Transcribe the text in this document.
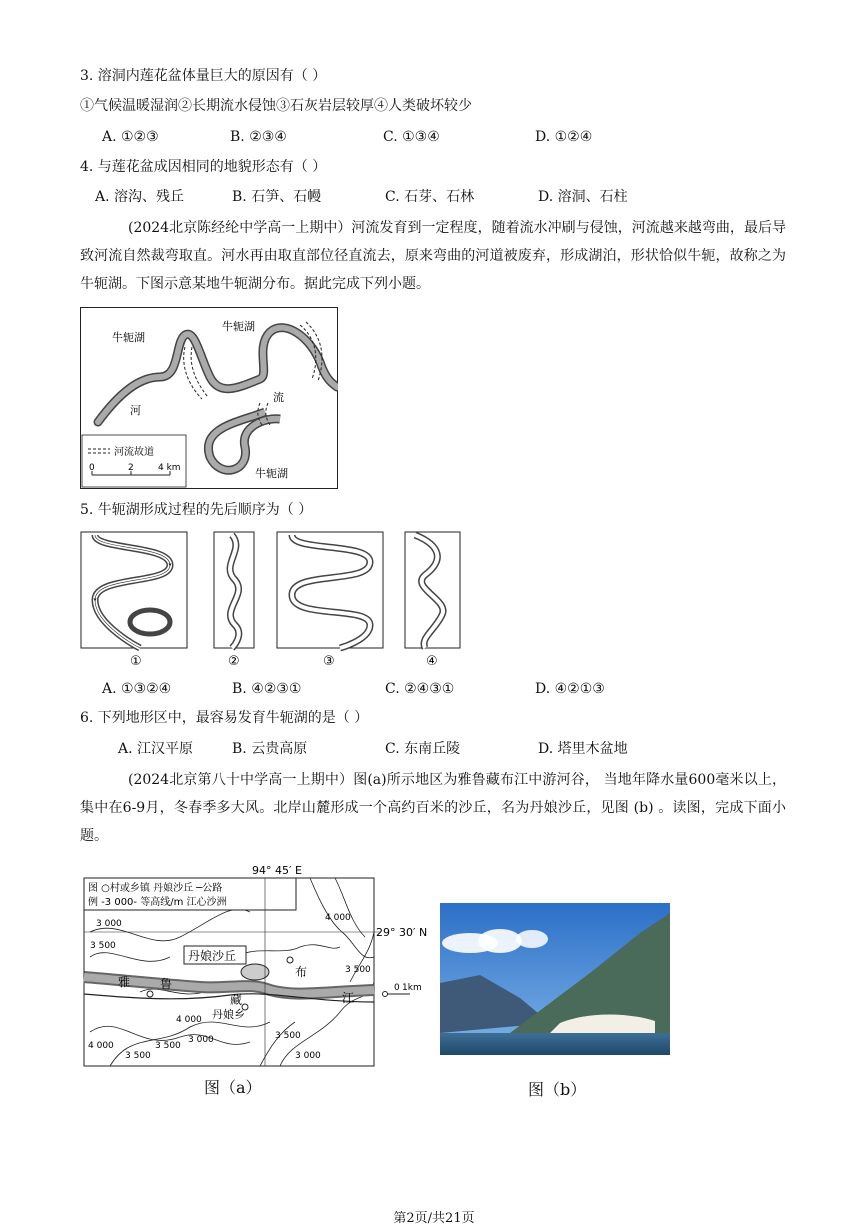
3. 溶洞内莲花盆体量巨大的原因有（ ）
①气候温暖湿润②长期流水侵蚀③石灰岩层较厚④人类破坏较少
A. ①②③	B. ②③④	C. ①③④	D. ①②④
4. 与莲花盆成因相同的地貌形态有（ ）
A. 溶沟、残丘	B. 石笋、石幔	C. 石芽、石林	D. 溶洞、石柱
(2024北京陈经纶中学高一上期中）河流发育到一定程度，随着流水冲刷与侵蚀，河流越来越弯曲，最后导致河流自然裁弯取直。河水再由取直部位径直流去，原来弯曲的河道被废弃，形成湖泊，形状恰似牛轭，故称之为牛轭湖。下图示意某地牛轭湖分布。据此完成下列小题。
牛轭湖
牛轭湖
牛轭湖
河
流
河流故道
0	2	4 km
5. 牛轭湖形成过程的先后顺序为（ ）
①	②	③	④
A. ①③②④	B. ④②③①	C. ②④③①	D. ④②①③
6. 下列地形区中，最容易发育牛轭湖的是（ ）
A. 江汉平原	B. 云贵高原	C. 东南丘陵	D. 塔里木盆地
(2024北京第八十中学高一上期中）图(a)所示地区为雅鲁藏布江中游河谷， 当地年降水量600毫米以上，集中在6-9月，冬春季多大风。北岸山麓形成一个高约百米的沙丘，名为丹娘沙丘，见图 (b) 。读图，完成下面小题。
94° 45′ E
图 ○村或乡镇 丹娘沙丘 ─公路
例 -3 000- 等高线/m 江心沙洲
29° 30′ N
丹娘沙丘
丹娘乡
雅 鲁
藏
布
江
3 500
3 000
4 000
3 500
4 000
3 500
3 500
3 000	3 500
3 000
4 000
0 1km
图（a）	图（b）
第2页/共21页
